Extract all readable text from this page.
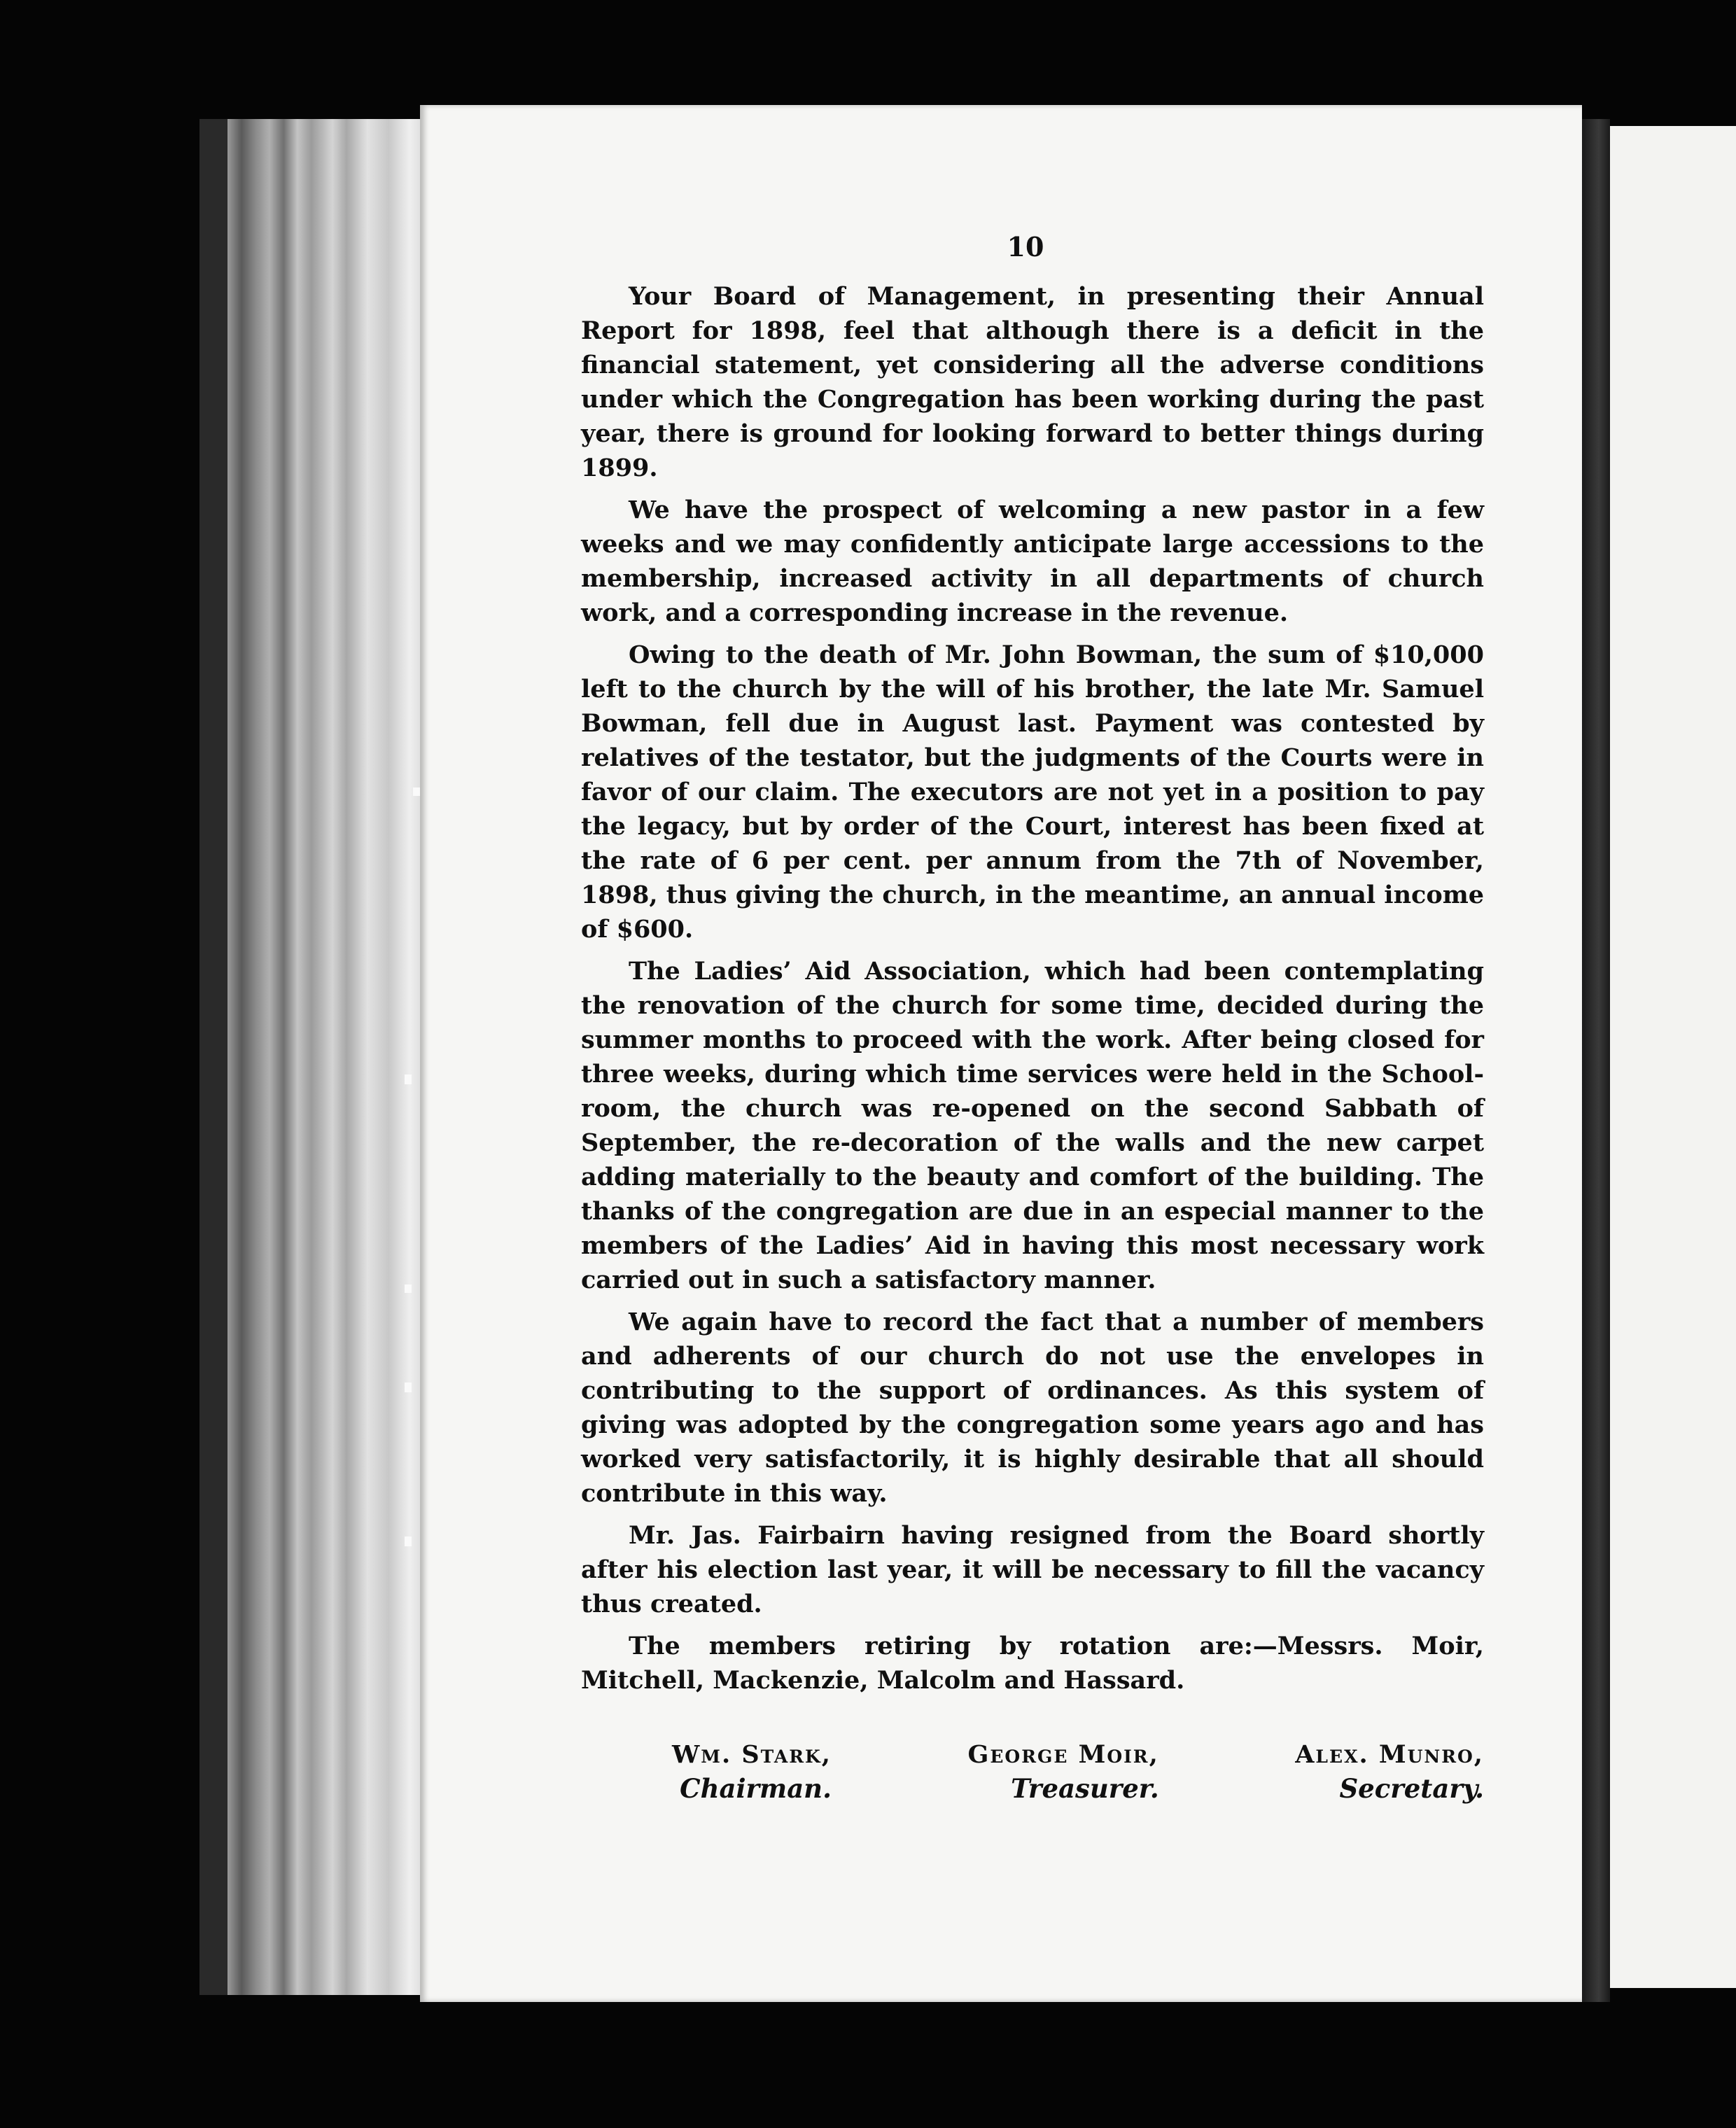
10

Your Board of Management, in presenting their Annual Report for 1898, feel that although there is a deficit in the financial statement, yet considering all the adverse conditions under which the Congregation has been working during the past year, there is ground for looking forward to better things during 1899.

We have the prospect of welcoming a new pastor in a few weeks and we may confidently anticipate large accessions to the membership, increased activity in all departments of church work, and a corresponding increase in the revenue.

Owing to the death of Mr. John Bowman, the sum of $10,000 left to the church by the will of his brother, the late Mr. Samuel Bowman, fell due in August last. Payment was contested by relatives of the testator, but the judgments of the Courts were in favor of our claim. The executors are not yet in a position to pay the legacy, but by order of the Court, interest has been fixed at the rate of 6 per cent. per annum from the 7th of November, 1898, thus giving the church, in the meantime, an annual income of $600.

The Ladies’ Aid Association, which had been contemplating the renovation of the church for some time, decided during the summer months to proceed with the work. After being closed for three weeks, during which time services were held in the School-room, the church was re-opened on the second Sabbath of September, the re-decoration of the walls and the new carpet adding materially to the beauty and comfort of the building. The thanks of the congregation are due in an especial manner to the members of the Ladies’ Aid in having this most necessary work carried out in such a satisfactory manner.

We again have to record the fact that a number of members and adherents of our church do not use the envelopes in contributing to the support of ordinances. As this system of giving was adopted by the congregation some years ago and has worked very satisfactorily, it is highly desirable that all should contribute in this way.

Mr. Jas. Fairbairn having resigned from the Board shortly after his election last year, it will be necessary to fill the vacancy thus created.

The members retiring by rotation are:—Messrs. Moir, Mitchell, Mackenzie, Malcolm and Hassard.

Wm. Stark,
Chairman.
George Moir,
Treasurer.
Alex. Munro,
Secretary.
